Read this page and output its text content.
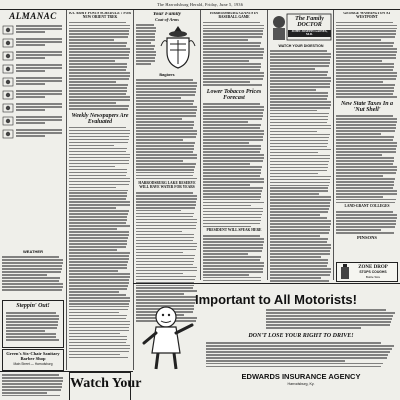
The Harrodsburg Herald, Friday, June 5, 1936
ALMANAC
WEATHER
Steppin' Out!
Green's Six-Chair Sanitary Barber Shop
Main Street — Harrodsburg
KY. ARMY POSTS SCHEDULE 7 FOR NEW ORIENT TREK
Weekly Newspapers Are Evaluated
Your Family
Coat-of-Arms
Bagbers
HARRODSBURG LAKE RESERVE WILL HAVE WATER FOR YEARS
HARRODSBURG GIANTS IN BASEBALL GAME
Lower Tobacco Prices Forecast
PRESIDENT WILL SPEAK HERE
The Family DOCTOR
JOHN JOSEPH GAINES, M.D.
WATCH YOUR DIGESTION
GEORGE WASHINGTON AT WESTPOINT
New State Taxes In a 'Nut Shell'
LAND-GRANT COLLEGES
PINSONS
ZONE DROP
STOPS COUGHS
Bottle Size
Important to All Motorists!
DON'T LOSE YOUR RIGHT TO DRIVE!
EDWARDS INSURANCE AGENCY
Harrodsburg, Ky.
Watch Your
